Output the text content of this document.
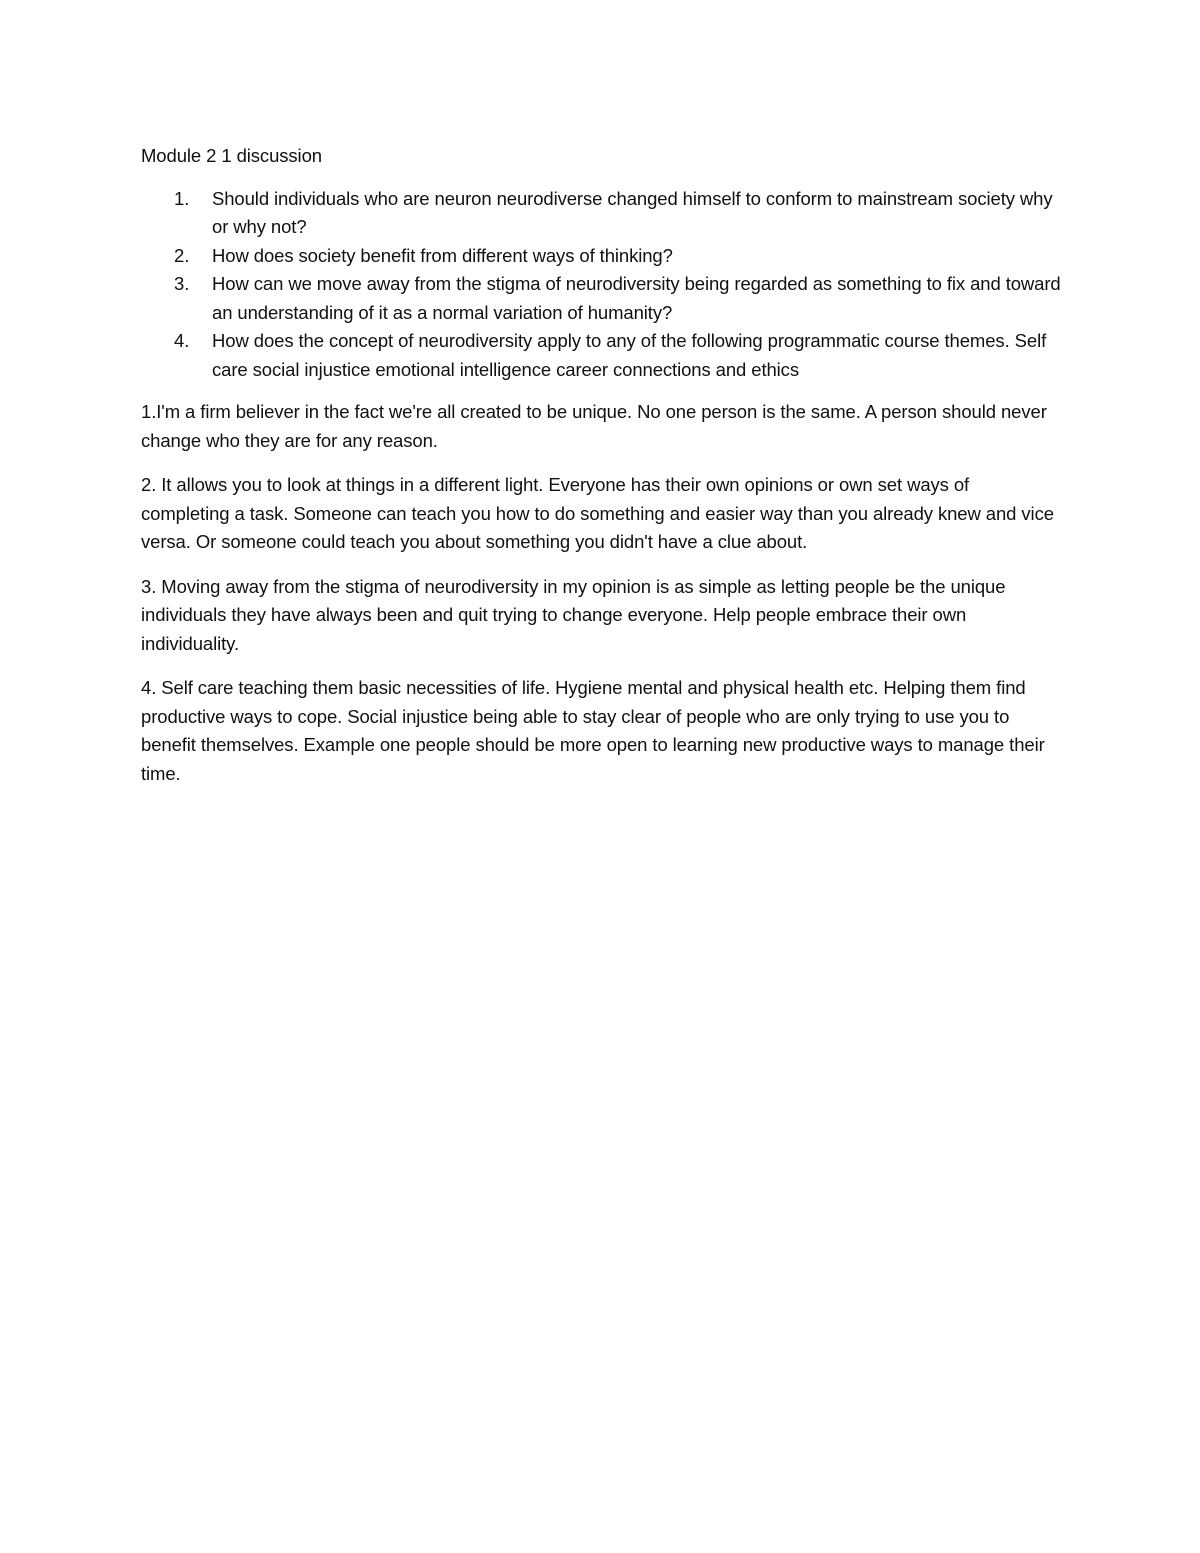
Module 2 1 discussion

1.	Should individuals who are neuron neurodiverse changed himself to conform to mainstream society why or why not?
2.	How does society benefit from different ways of thinking?
3.	How can we move away from the stigma of neurodiversity being regarded as something to fix and toward an understanding of it as a normal variation of humanity?
4.	How does the concept of neurodiversity apply to any of the following programmatic course themes. Self care social injustice emotional intelligence career connections and ethics

1.I'm a firm believer in the fact we're all created to be unique. No one person is the same. A person should never change who they are for any reason.

2. It allows you to look at things in a different light. Everyone has their own opinions or own set ways of completing a task. Someone can teach you how to do something and easier way than you already knew and vice versa. Or someone could teach you about something you didn't have a clue about.

3. Moving away from the stigma of neurodiversity in my opinion is as simple as letting people be the unique individuals they have always been and quit trying to change everyone. Help people embrace their own individuality.

4. Self care teaching them basic necessities of life. Hygiene mental and physical health etc. Helping them find productive ways to cope. Social injustice being able to stay clear of people who are only trying to use you to benefit themselves. Example one people should be more open to learning new productive ways to manage their time.
